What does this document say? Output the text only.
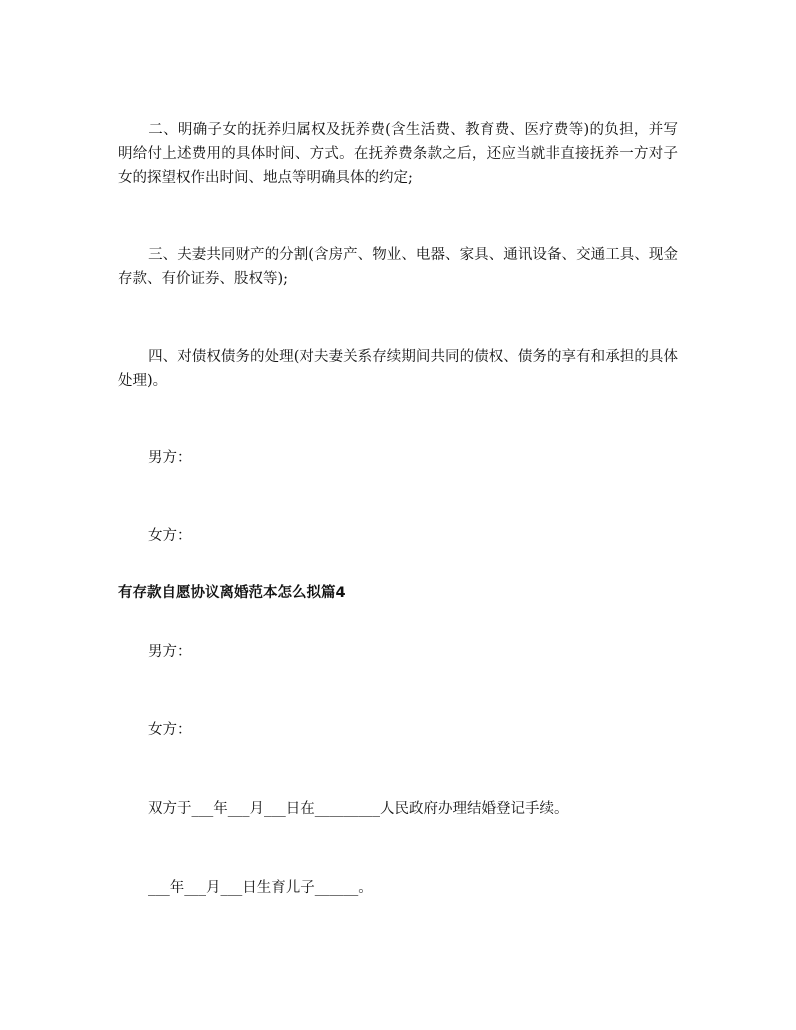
二、明确子女的抚养归属权及抚养费(含生活费、教育费、医疗费等)的负担，并写明给付上述费用的具体时间、方式。在抚养费条款之后，还应当就非直接抚养一方对子女的探望权作出时间、地点等明确具体的约定;

三、夫妻共同财产的分割(含房产、物业、电器、家具、通讯设备、交通工具、现金存款、有价证券、股权等);

四、对债权债务的处理(对夫妻关系存续期间共同的债权、债务的享有和承担的具体处理)。

男方：

女方：

有存款自愿协议离婚范本怎么拟篇4

男方：

女方：

双方于___年___月___日在_________人民政府办理结婚登记手续。

___年___月___日生育儿子______。
